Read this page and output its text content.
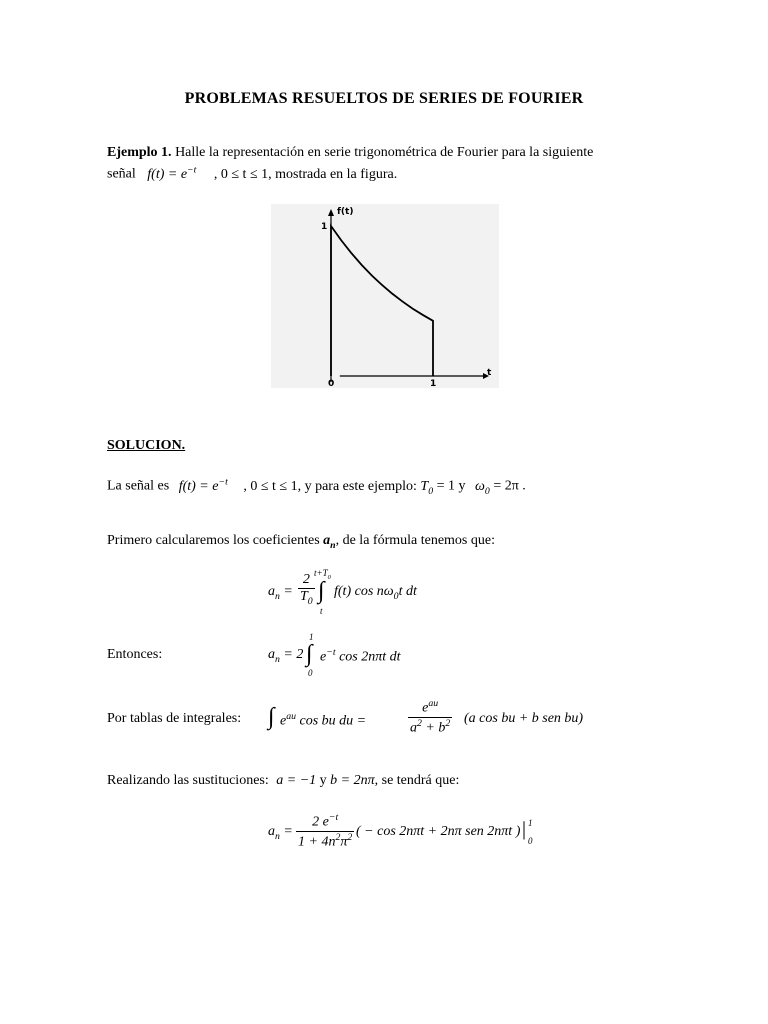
PROBLEMAS RESUELTOS DE SERIES DE FOURIER
Ejemplo 1. Halle la representación en serie trigonométrica de Fourier para la siguiente
señal $f(t) = e^{-t}$ , 0 ≤ t ≤ 1, mostrada en la figura.
f(t)
t
1
0	1
SOLUCION.
La señal es $f(t) = e^{-t}$ , 0 ≤ t ≤ 1, y para este ejemplo: $T_0 = 1$ y $\omega_0 = 2\pi$ .
Primero calcularemos los coeficientes $a_n$, de la fórmula tenemos que:
$a_n = \frac{2}{T_0}$ ∫
$t+T_0$
t
f(t) $\cos n\omega_0t$ dt
Entonces:	$a_n = 2$ ∫
1
0
$e^{-t}$ cos 2nπt dt
Por tablas de integrales: ∫ $e^{au}$ cos bu du =	$\frac{e^{au}}{a^2 + b^2} (a$ cos bu + b sen bu)
Realizando las sustituciones: a = −1 y b = 2nπ, se tendrá que:
$a_n = \frac{2 e^{-t}}{1 + 4n^2\pi^2}$ ( − cos 2nπt + 2nπ sen 2nπt ) | 1
0
